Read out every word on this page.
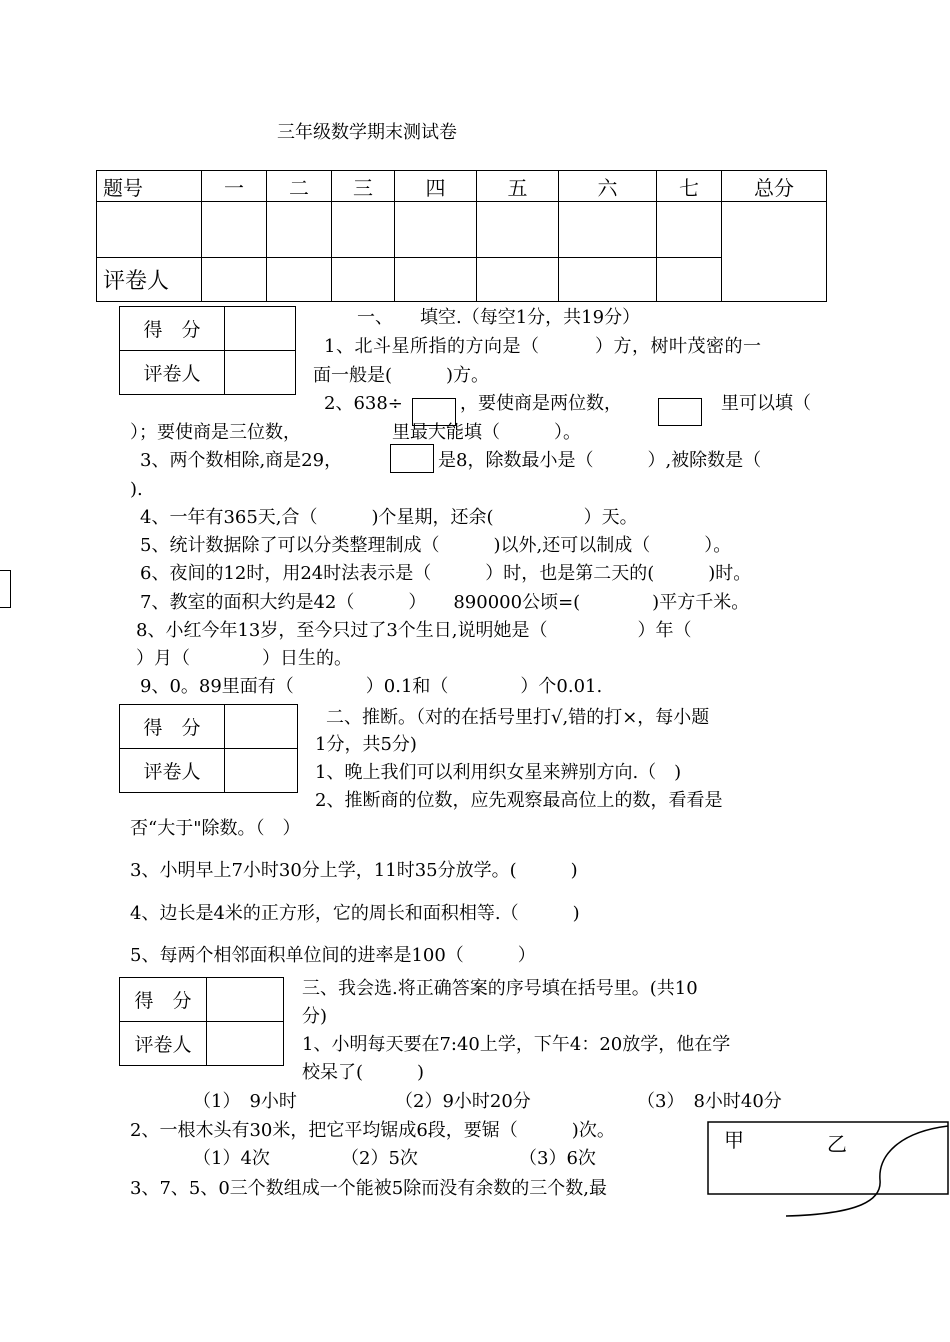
三年级数学期末测试卷
题号	一	二	三	四	五	六	七	总分

评卷人								
得　分	
评卷人	
一、　　填空.（每空1分，共19分）
1、北斗星所指的方向是（　　　）方，树叶茂密的一
面一般是(　　　)方。
2、638÷	，要使商是两位数，	里可以填（
）；要使商是三位数，	里最大能填（　　　）。
3、两个数相除,商是29，	是8，除数最小是（　　　）,被除数是（
).
4、一年有365天,合（　　　)个星期，还余(　　　　　）天。
5、统计数据除了可以分类整理制成（　　　)以外,还可以制成（　　　）。
6、夜间的12时，用24时法表示是（　　　）时，也是第二天的(　　　)时。
7、教室的面积大约是42（　　　）　　890000公顷=(　　　　)平方千米。
8、小红今年13岁，至今只过了3个生日,说明她是（　　　　　）年（
）月（　　　　）日生的。
9、0。89里面有（　　　　）0.1和（　　　　）个0.01.
得　分	
评卷人	
二、推断。（对的在括号里打√,错的打×，每小题
1分，共5分)
1、晚上我们可以利用织女星来辨别方向.（　)
2、推断商的位数，应先观察最高位上的数，看看是
否“大于"除数。（　）
3、小明早上7小时30分上学，11时35分放学。(　　　)
4、边长是4米的正方形，它的周长和面积相等.（　　　)
5、每两个相邻面积单位间的进率是100（　　　）
得　分	
评卷人	
三、我会选.将正确答案的序号填在括号里。(共10
分)
1、小明每天要在7:40上学，下午4：20放学，他在学
校呆了(　　　)
（1）　9小时	（2）9小时20分	（3）　8小时40分
2、一根木头有30米，把它平均锯成6段，要锯（　　　)次。
（1）4次	（2）5次	（3）6次
3、7、5、0三个数组成一个能被5除而没有余数的三个数,最
甲	乙
